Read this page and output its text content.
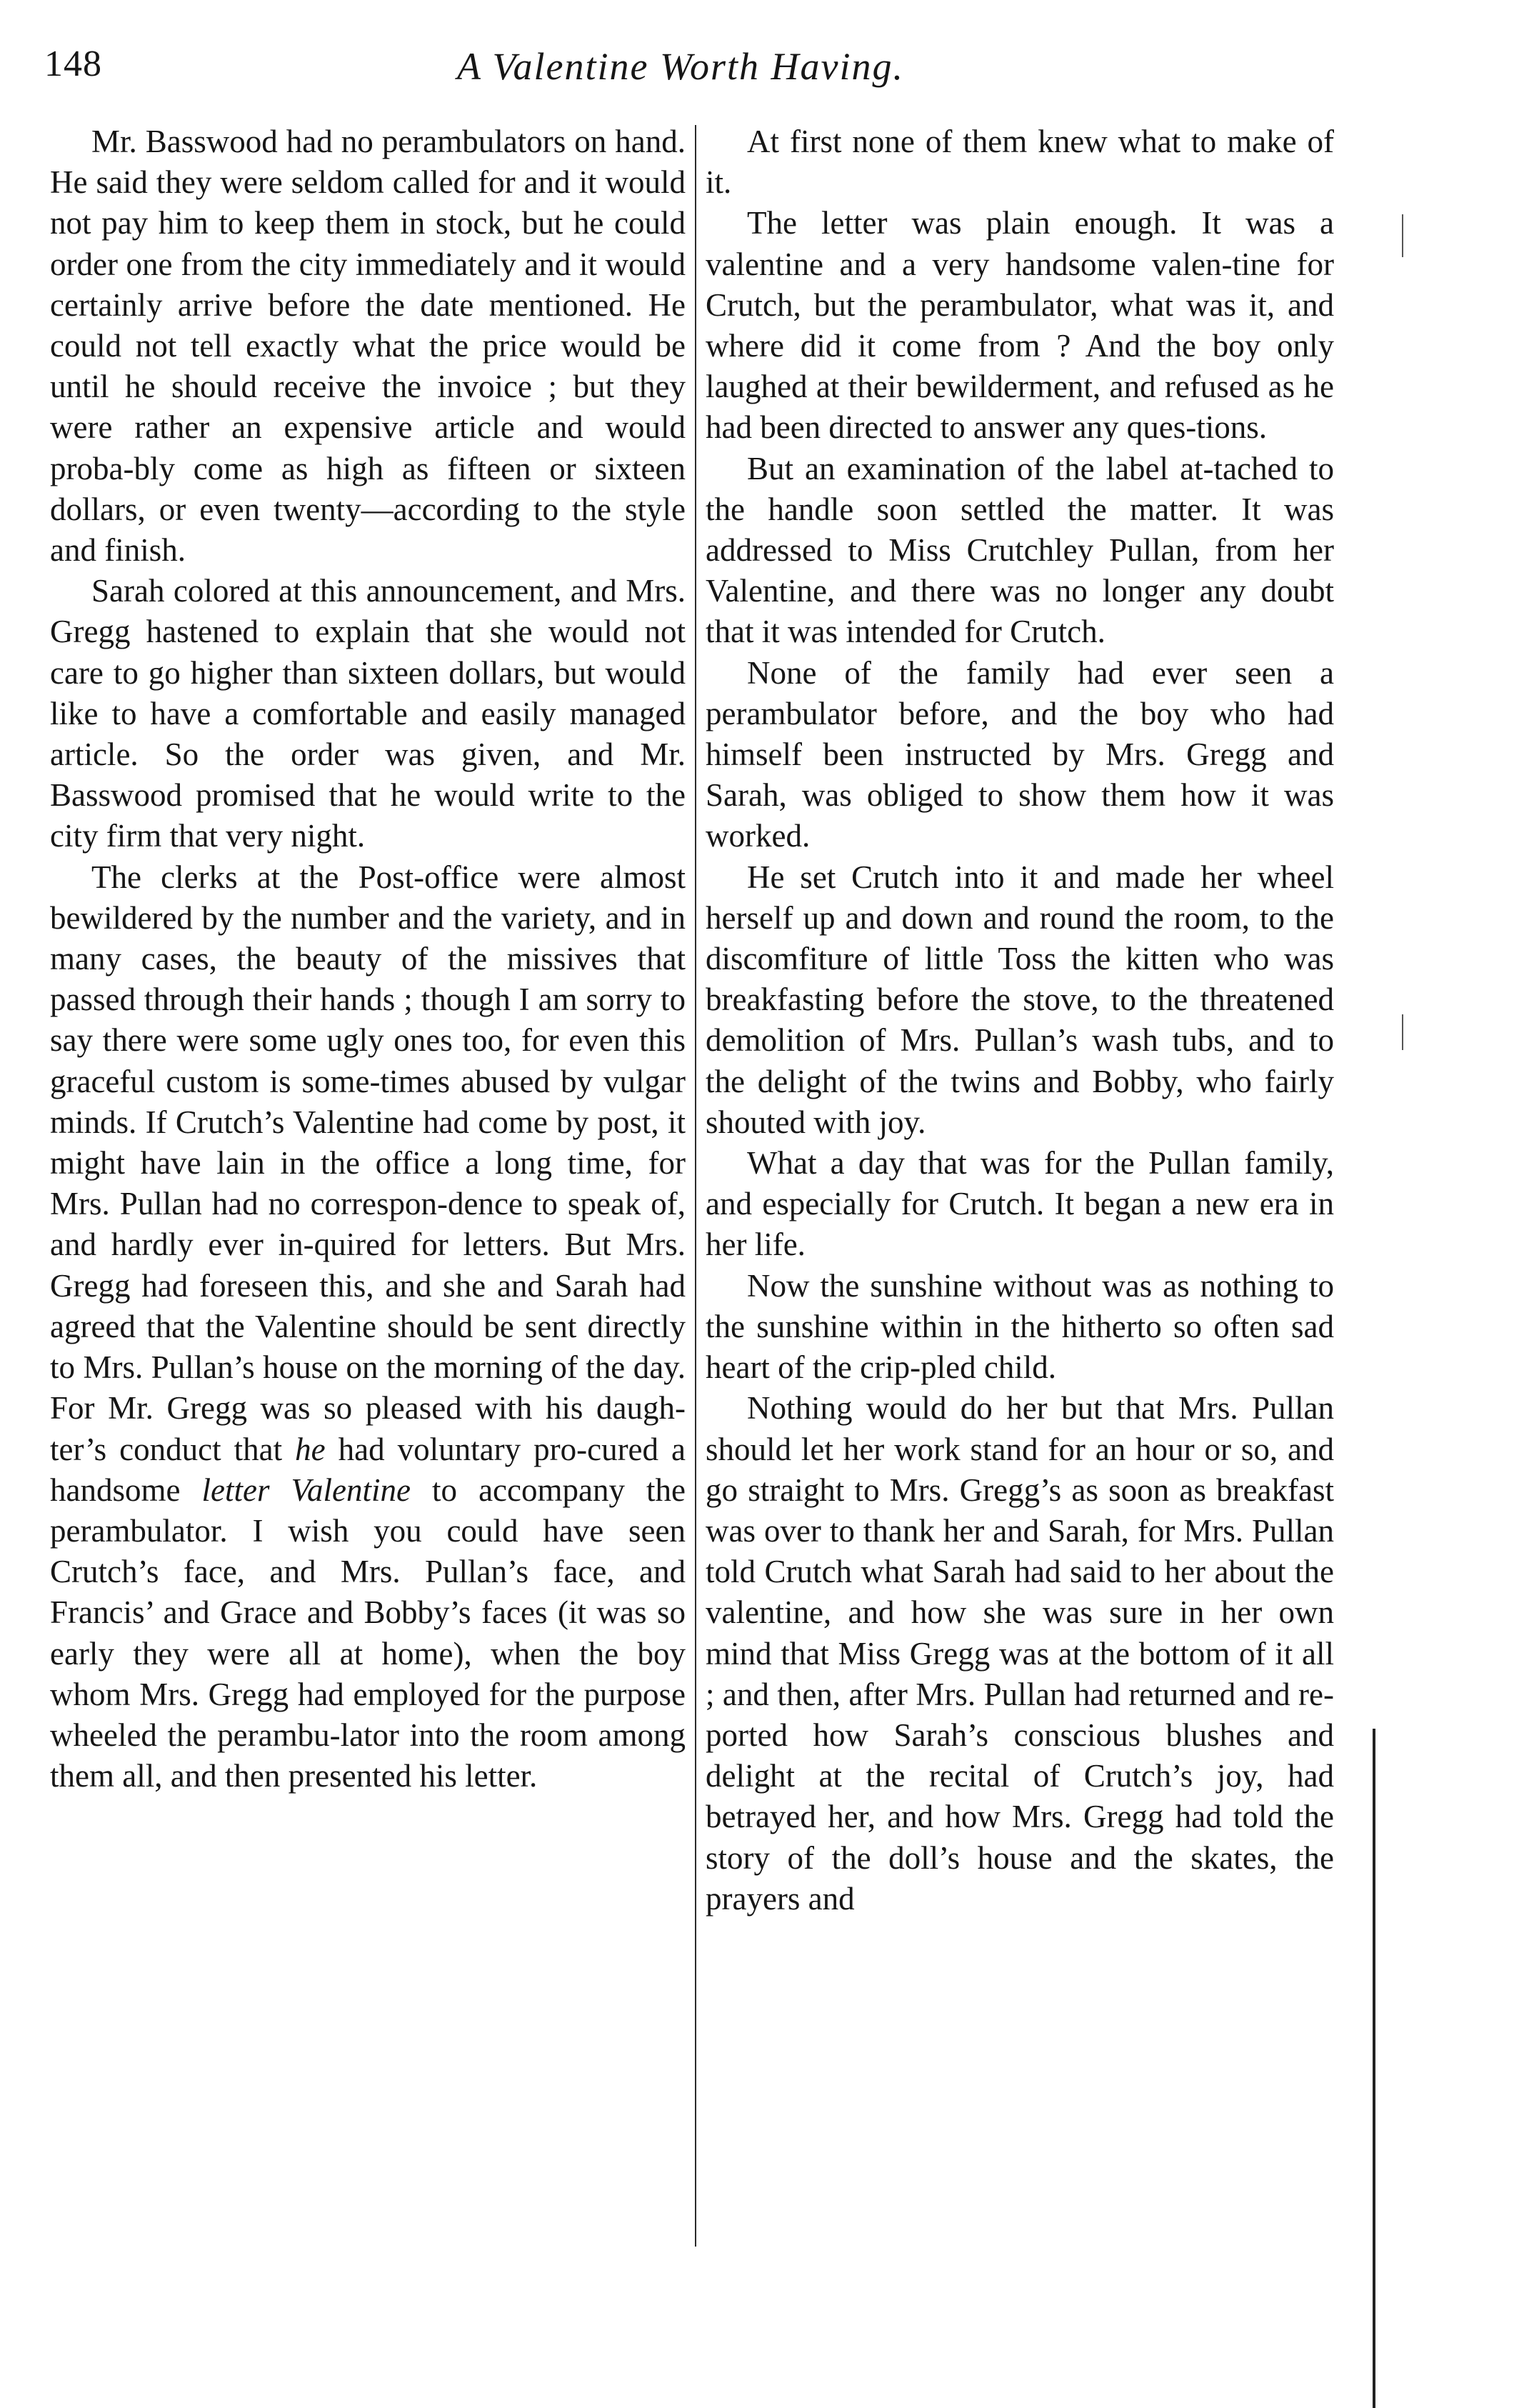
148	A Valentine Worth Having.

Mr. Basswood had no perambulators on hand. He said they were seldom called for and it would not pay him to keep them in stock, but he could order one from the city immediately and it would certainly arrive before the date mentioned. He could not tell exactly what the price would be until he should receive the invoice ; but they were rather an expensive article and would proba-bly come as high as fifteen or sixteen dollars, or even twenty—according to the style and finish.

Sarah colored at this announcement, and Mrs. Gregg hastened to explain that she would not care to go higher than sixteen dollars, but would like to have a comfortable and easily managed article. So the order was given, and Mr. Basswood promised that he would write to the city firm that very night.

The clerks at the Post-office were almost bewildered by the number and the variety, and in many cases, the beauty of the missives that passed through their hands ; though I am sorry to say there were some ugly ones too, for even this graceful custom is some-times abused by vulgar minds. If Crutch’s Valentine had come by post, it might have lain in the office a long time, for Mrs. Pullan had no correspon-dence to speak of, and hardly ever in-quired for letters. But Mrs. Gregg had foreseen this, and she and Sarah had agreed that the Valentine should be sent directly to Mrs. Pullan’s house on the morning of the day. For Mr. Gregg was so pleased with his daugh-ter’s conduct that he had voluntary pro-cured a handsome letter Valentine to accompany the perambulator. I wish you could have seen Crutch’s face, and Mrs. Pullan’s face, and Francis’ and Grace and Bobby’s faces (it was so early they were all at home), when the boy whom Mrs. Gregg had employed for the purpose wheeled the perambu-lator into the room among them all, and then presented his letter.

At first none of them knew what to make of it.

The letter was plain enough. It was a valentine and a very handsome valen-tine for Crutch, but the perambulator, what was it, and where did it come from ? And the boy only laughed at their bewilderment, and refused as he had been directed to answer any ques-tions.

But an examination of the label at-tached to the handle soon settled the matter. It was addressed to Miss Crutchley Pullan, from her Valentine, and there was no longer any doubt that it was intended for Crutch.

None of the family had ever seen a perambulator before, and the boy who had himself been instructed by Mrs. Gregg and Sarah, was obliged to show them how it was worked.

He set Crutch into it and made her wheel herself up and down and round the room, to the discomfiture of little Toss the kitten who was breakfasting before the stove, to the threatened demolition of Mrs. Pullan’s wash tubs, and to the delight of the twins and Bobby, who fairly shouted with joy.

What a day that was for the Pullan family, and especially for Crutch. It began a new era in her life.

Now the sunshine without was as nothing to the sunshine within in the hitherto so often sad heart of the crip-pled child.

Nothing would do her but that Mrs. Pullan should let her work stand for an hour or so, and go straight to Mrs. Gregg’s as soon as breakfast was over to thank her and Sarah, for Mrs. Pullan told Crutch what Sarah had said to her about the valentine, and how she was sure in her own mind that Miss Gregg was at the bottom of it all ; and then, after Mrs. Pullan had returned and re-ported how Sarah’s conscious blushes and delight at the recital of Crutch’s joy, had betrayed her, and how Mrs. Gregg had told the story of the doll’s house and the skates, the prayers and
